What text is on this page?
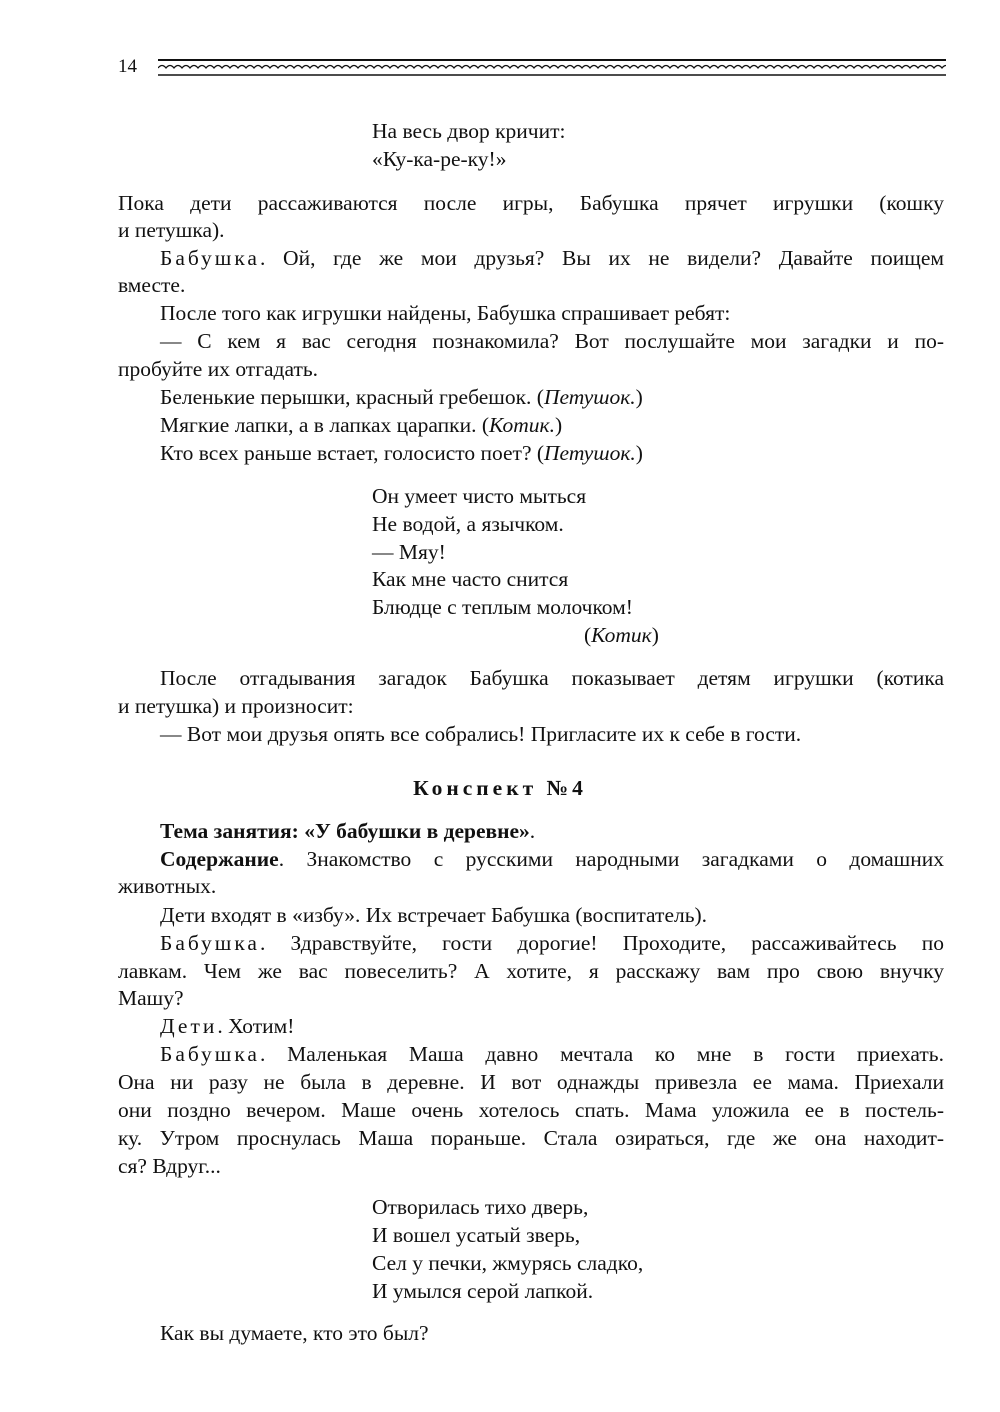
14
На весь двор кричит:
«Ку-ка-ре-ку!»
Пока дети рассаживаются после игры, Бабушка прячет игрушки (кошку
и петушка).
Бабушка. Ой, где же мои друзья? Вы их не видели? Давайте поищем
вместе.
После того как игрушки найдены, Бабушка спрашивает ребят:
— С кем я вас сегодня познакомила? Вот послушайте мои загадки и по-
пробуйте их отгадать.
Беленькие перышки, красный гребешок. (Петушок.)
Мягкие лапки, а в лапках царапки. (Котик.)
Кто всех раньше встает, голосисто поет? (Петушок.)
Он умеет чисто мыться
Не водой, а язычком.
— Мяу!
Как мне часто снится
Блюдце с теплым молочком!
(Котик)
После отгадывания загадок Бабушка показывает детям игрушки (котика
и петушка) и произносит:
— Вот мои друзья опять все собрались! Пригласите их к себе в гости.
Конспект №4
Тема занятия: «У бабушки в деревне».
Содержание. Знакомство с русскими народными загадками о домашних
животных.
Дети входят в «избу». Их встречает Бабушка (воспитатель).
Бабушка. Здравствуйте, гости дорогие! Проходите, рассаживайтесь по
лавкам. Чем же вас повеселить? А хотите, я расскажу вам про свою внучку
Машу?
Дети. Хотим!
Бабушка. Маленькая Маша давно мечтала ко мне в гости приехать.
Она ни разу не была в деревне. И вот однажды привезла ее мама. Приехали
они поздно вечером. Маше очень хотелось спать. Мама уложила ее в постель-
ку. Утром проснулась Маша пораньше. Стала озираться, где же она находит-
ся? Вдруг...
Отворилась тихо дверь,
И вошел усатый зверь,
Сел у печки, жмурясь сладко,
И умылся серой лапкой.
Как вы думаете, кто это был?
